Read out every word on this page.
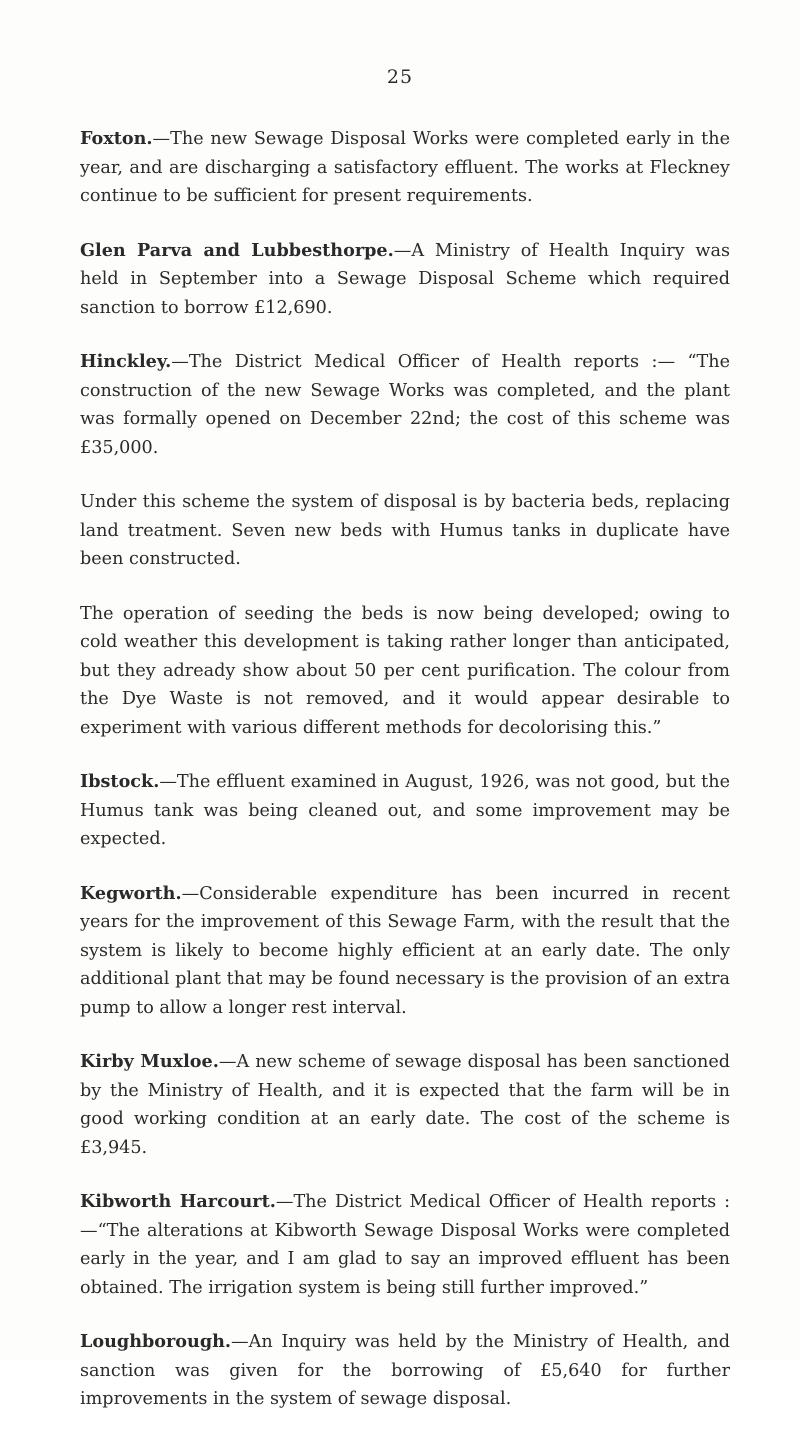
25

Foxton.—The new Sewage Disposal Works were completed early in the year, and are discharging a satisfactory effluent. The works at Fleckney continue to be sufficient for present requirements.

Glen Parva and Lubbesthorpe.—A Ministry of Health Inquiry was held in September into a Sewage Disposal Scheme which required sanction to borrow £12,690.

Hinckley.—The District Medical Officer of Health reports :— “The construction of the new Sewage Works was completed, and the plant was formally opened on December 22nd; the cost of this scheme was £35,000.

Under this scheme the system of disposal is by bacteria beds, replacing land treatment. Seven new beds with Humus tanks in duplicate have been constructed.

The operation of seeding the beds is now being developed; owing to cold weather this development is taking rather longer than anticipated, but they adready show about 50 per cent purification. The colour from the Dye Waste is not removed, and it would appear desirable to experiment with various different methods for decolorising this.”

Ibstock.—The effluent examined in August, 1926, was not good, but the Humus tank was being cleaned out, and some improvement may be expected.

Kegworth.—Considerable expenditure has been incurred in recent years for the improvement of this Sewage Farm, with the result that the system is likely to become highly efficient at an early date. The only additional plant that may be found necessary is the provision of an extra pump to allow a longer rest interval.

Kirby Muxloe.—A new scheme of sewage disposal has been sanctioned by the Ministry of Health, and it is expected that the farm will be in good working condition at an early date. The cost of the scheme is £3,945.

Kibworth Harcourt.—The District Medical Officer of Health reports :—“The alterations at Kibworth Sewage Disposal Works were completed early in the year, and I am glad to say an improved effluent has been obtained. The irrigation system is being still further improved.”

Loughborough.—An Inquiry was held by the Ministry of Health, and sanction was given for the borrowing of £5,640 for further improvements in the system of sewage disposal.
